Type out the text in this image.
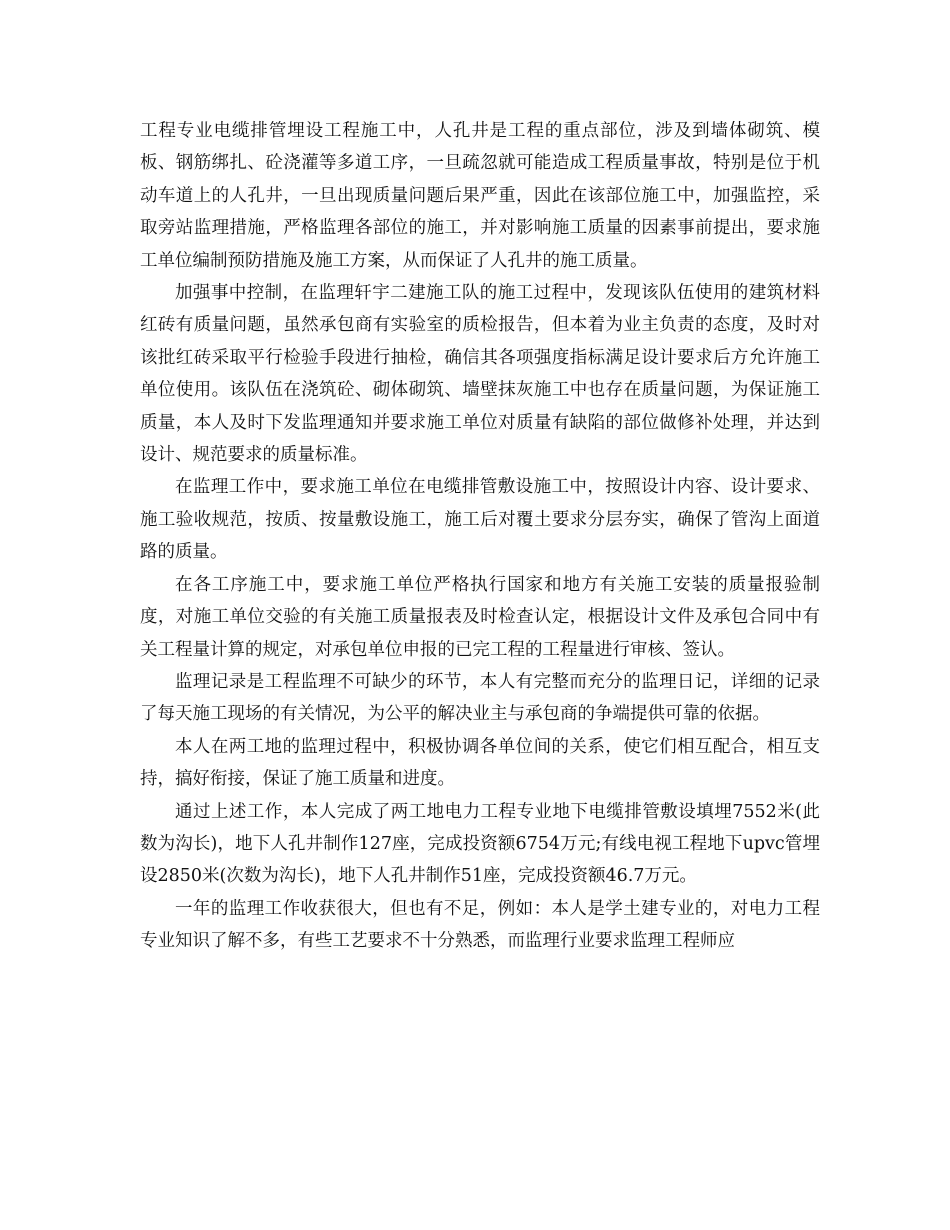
工程专业电缆排管埋设工程施工中，人孔井是工程的重点部位，涉及到墙体砌筑、模板、钢筋绑扎、砼浇灌等多道工序，一旦疏忽就可能造成工程质量事故，特别是位于机动车道上的人孔井，一旦出现质量问题后果严重，因此在该部位施工中，加强监控，采取旁站监理措施，严格监理各部位的施工，并对影响施工质量的因素事前提出，要求施工单位编制预防措施及施工方案，从而保证了人孔井的施工质量。

加强事中控制，在监理轩宇二建施工队的施工过程中，发现该队伍使用的建筑材料红砖有质量问题，虽然承包商有实验室的质检报告，但本着为业主负责的态度，及时对该批红砖采取平行检验手段进行抽检，确信其各项强度指标满足设计要求后方允许施工单位使用。该队伍在浇筑砼、砌体砌筑、墙壁抹灰施工中也存在质量问题，为保证施工质量，本人及时下发监理通知并要求施工单位对质量有缺陷的部位做修补处理，并达到设计、规范要求的质量标准。

在监理工作中，要求施工单位在电缆排管敷设施工中，按照设计内容、设计要求、施工验收规范，按质、按量敷设施工，施工后对覆土要求分层夯实，确保了管沟上面道路的质量。

在各工序施工中，要求施工单位严格执行国家和地方有关施工安装的质量报验制度，对施工单位交验的有关施工质量报表及时检查认定，根据设计文件及承包合同中有关工程量计算的规定，对承包单位申报的已完工程的工程量进行审核、签认。

监理记录是工程监理不可缺少的环节，本人有完整而充分的监理日记，详细的记录了每天施工现场的有关情况，为公平的解决业主与承包商的争端提供可靠的依据。

本人在两工地的监理过程中，积极协调各单位间的关系，使它们相互配合，相互支持，搞好衔接，保证了施工质量和进度。

通过上述工作，本人完成了两工地电力工程专业地下电缆排管敷设填埋7552米(此数为沟长)，地下人孔井制作127座，完成投资额6754万元;有线电视工程地下upvc管埋设2850米(次数为沟长)，地下人孔井制作51座，完成投资额46.7万元。

一年的监理工作收获很大，但也有不足，例如：本人是学土建专业的，对电力工程专业知识了解不多，有些工艺要求不十分熟悉，而监理行业要求监理工程师应
